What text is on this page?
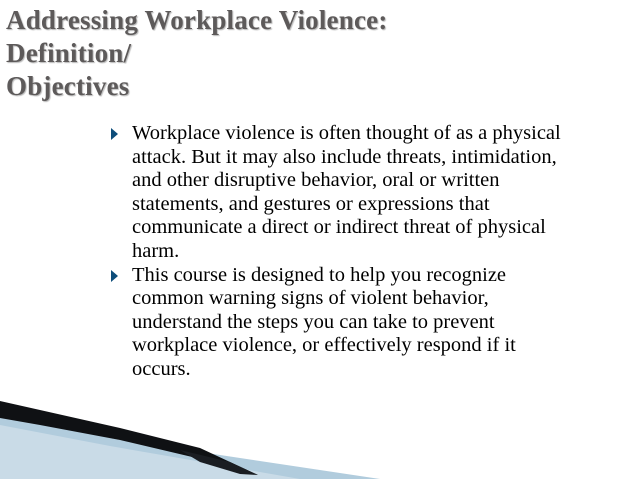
Addressing Workplace Violence:
Definition/
Objectives
Workplace violence is often thought of as a physical
attack. But it may also include threats, intimidation,
and other disruptive behavior, oral or written
statements, and gestures or expressions that
communicate a direct or indirect threat of physical
harm.
This course is designed to help you recognize
common warning signs of violent behavior,
understand the steps you can take to prevent
workplace violence, or effectively respond if it
occurs.
